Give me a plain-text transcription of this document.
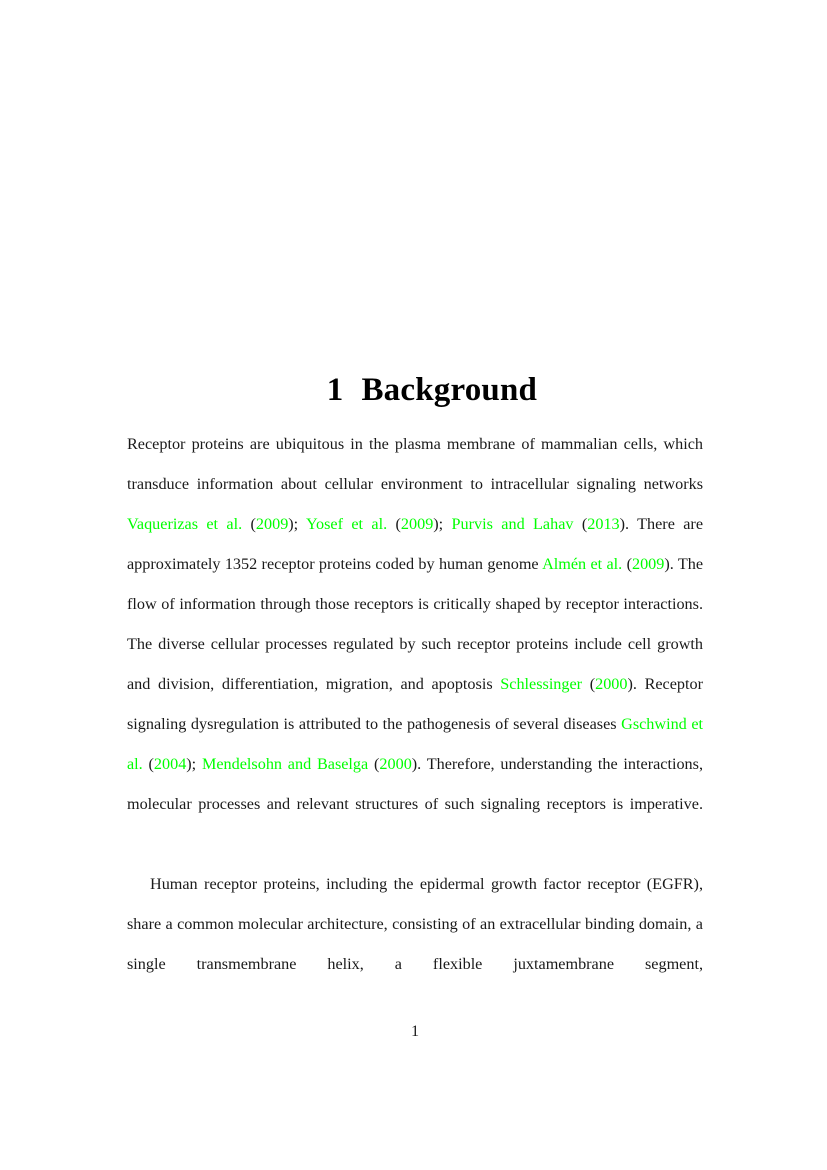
1 Background

Receptor proteins are ubiquitous in the plasma membrane of mammalian cells, which transduce information about cellular environment to intracellular signaling networks Vaquerizas et al. (2009); Yosef et al. (2009); Purvis and Lahav (2013). There are approximately 1352 receptor proteins coded by human genome Almén et al. (2009). The flow of information through those receptors is critically shaped by receptor interactions. The diverse cellular processes regulated by such receptor proteins include cell growth and division, differentiation, migration, and apoptosis Schlessinger (2000). Receptor signaling dysregulation is attributed to the pathogenesis of several diseases Gschwind et al. (2004); Mendelsohn and Baselga (2000). Therefore, understanding the interactions, molecular processes and relevant structures of such signaling receptors is imperative.

Human receptor proteins, including the epidermal growth factor receptor (EGFR), share a common molecular architecture, consisting of an extracellular binding domain, a single transmembrane helix, a flexible juxtamembrane segment,

1
